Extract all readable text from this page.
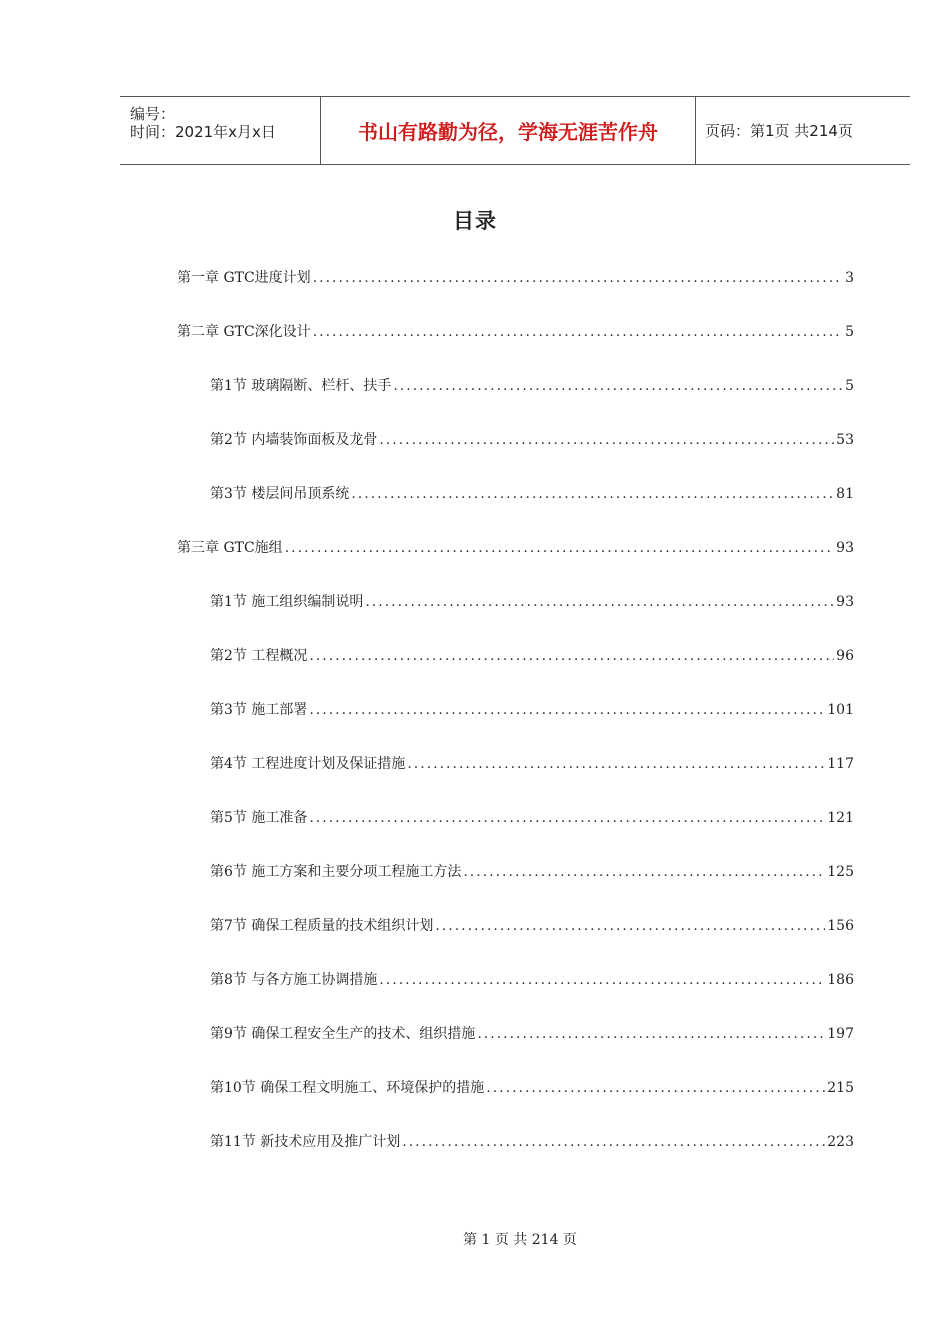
编号：
时间：2021年x月x日	书山有路勤为径，学海无涯苦作舟	页码：第1页 共214页
目录
第一章 GTC进度计划 .....	3
第二章 GTC深化设计 .....	5
第1节 玻璃隔断、栏杆、扶手 .....	5
第2节 内墙装饰面板及龙骨 .....	53
第3节 楼层间吊顶系统 .....	81
第三章 GTC施组 .....	93
第1节 施工组织编制说明 .....	93
第2节 工程概况 .....	96
第3节 施工部署 .....	101
第4节 工程进度计划及保证措施 .....	117
第5节 施工准备 .....	121
第6节 施工方案和主要分项工程施工方法 .....	125
第7节 确保工程质量的技术组织计划 .....	156
第8节 与各方施工协调措施 .....	186
第9节 确保工程安全生产的技术、组织措施 .....	197
第10节 确保工程文明施工、环境保护的措施 .....	215
第11节 新技术应用及推广计划 .....	223
第 1 页 共 214 页
